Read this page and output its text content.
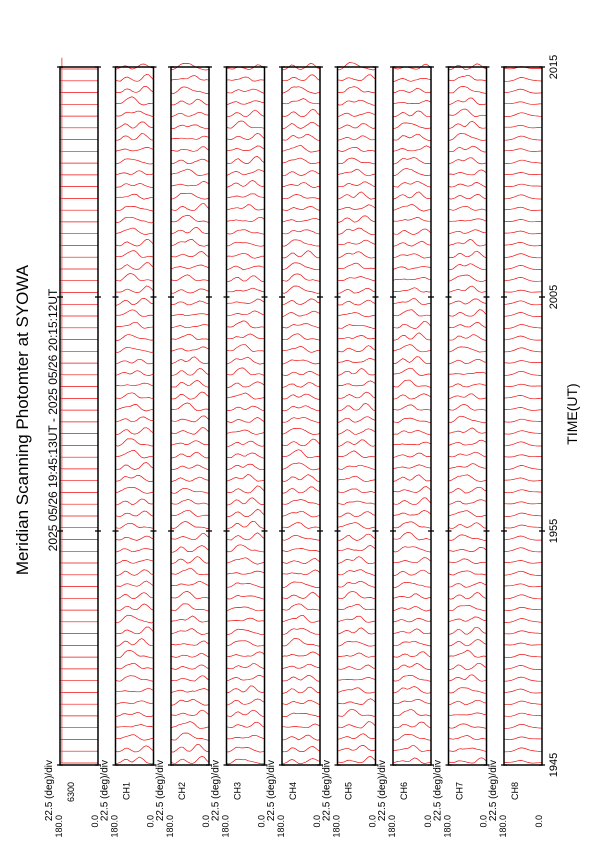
Meridian Scanning Photomter at SYOWA 2025 05/26 19:45:13UT - 2025 05/26 20:15:12UT	TIME(UT)
22.5 (deg)/div
180.0
6300
0.0
22.5 (deg)/div
180.0
CH1
0.0
22.5 (deg)/div
180.0
CH2
0.0
22.5 (deg)/div
180.0
CH3
0.0
22.5 (deg)/div
180.0
CH4
0.0
22.5 (deg)/div
180.0
CH5
0.0
22.5 (deg)/div
180.0
CH6
0.0
22.5 (deg)/div
180.0
CH7
0.0
22.5 (deg)/div
180.0
CH8
0.0
1945
1955
2005
2015
